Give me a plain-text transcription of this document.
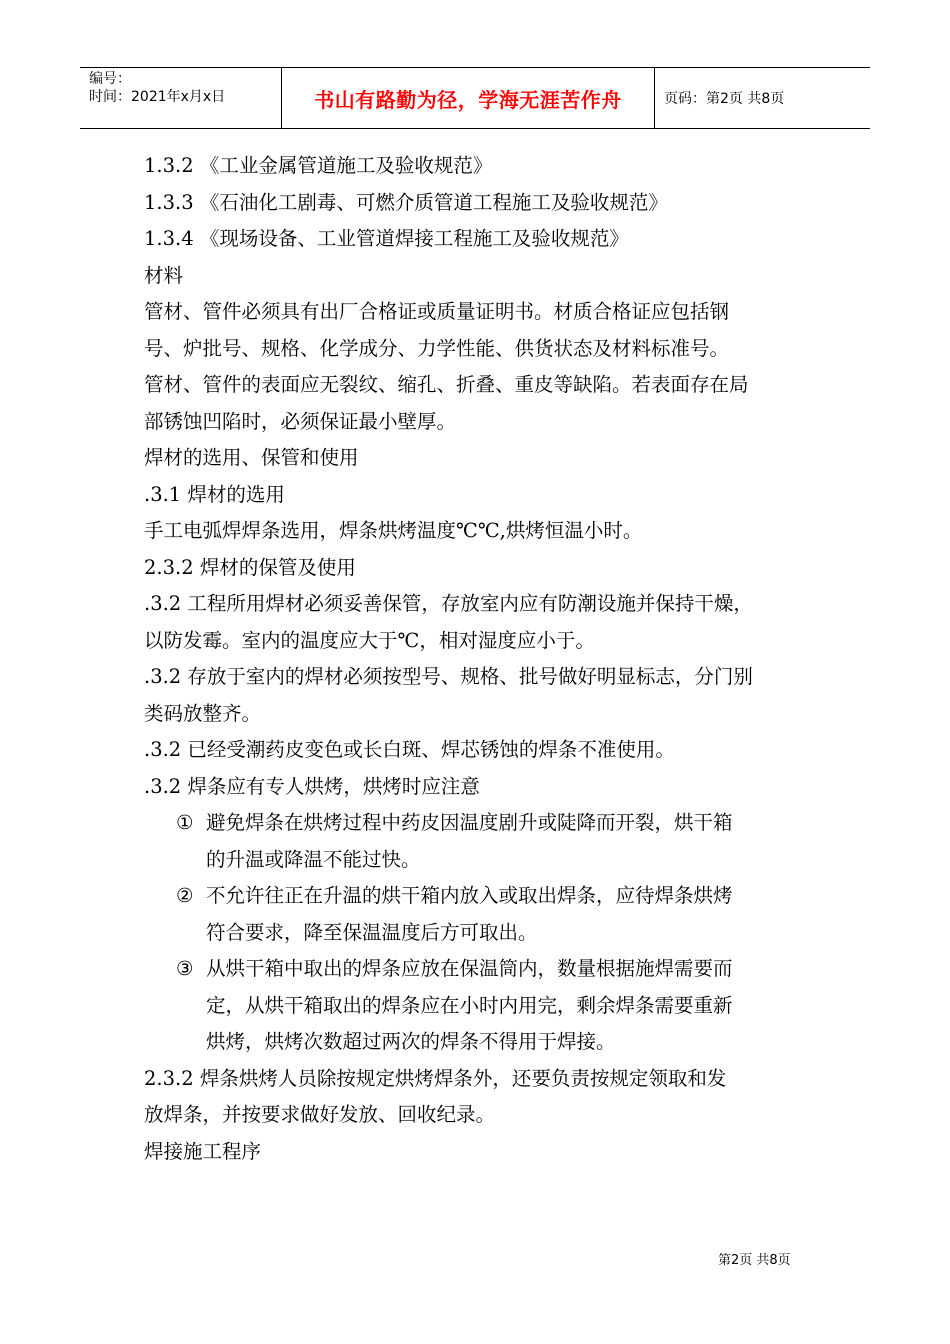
编号：
时间：2021年x月x日	书山有路勤为径，学海无涯苦作舟	页码：第2页 共8页
1.3.2 《工业金属管道施工及验收规范》
1.3.3 《石油化工剧毒、可燃介质管道工程施工及验收规范》
1.3.4 《现场设备、工业管道焊接工程施工及验收规范》
材料
管材、管件必须具有出厂合格证或质量证明书。材质合格证应包括钢
号、炉批号、规格、化学成分、力学性能、供货状态及材料标准号。
管材、管件的表面应无裂纹、缩孔、折叠、重皮等缺陷。若表面存在局
部锈蚀凹陷时，必须保证最小壁厚。
焊材的选用、保管和使用
.3.1 焊材的选用
手工电弧焊焊条选用，焊条烘烤温度℃℃,烘烤恒温小时。
2.3.2 焊材的保管及使用
.3.2 工程所用焊材必须妥善保管，存放室内应有防潮设施并保持干燥，
以防发霉。室内的温度应大于℃，相对湿度应小于。
.3.2 存放于室内的焊材必须按型号、规格、批号做好明显标志，分门别
类码放整齐。
.3.2 已经受潮药皮变色或长白斑、焊芯锈蚀的焊条不准使用。
.3.2 焊条应有专人烘烤，烘烤时应注意
① 避免焊条在烘烤过程中药皮因温度剧升或陡降而开裂，烘干箱
的升温或降温不能过快。
② 不允许往正在升温的烘干箱内放入或取出焊条，应待焊条烘烤
符合要求，降至保温温度后方可取出。
③ 从烘干箱中取出的焊条应放在保温筒内，数量根据施焊需要而
定，从烘干箱取出的焊条应在小时内用完，剩余焊条需要重新
烘烤，烘烤次数超过两次的焊条不得用于焊接。
2.3.2 焊条烘烤人员除按规定烘烤焊条外，还要负责按规定领取和发
放焊条，并按要求做好发放、回收纪录。
焊接施工程序
第2页 共8页
